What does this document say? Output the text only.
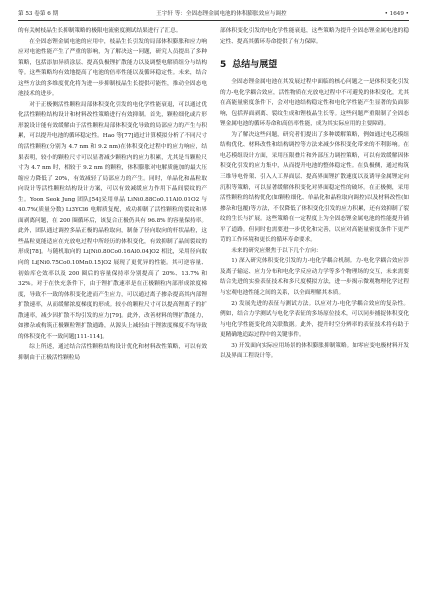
第 53 卷第 6 期	王宇轩 等：全固态锂金属电池的体积膨胀效应与调控	• 1649 •

的有关树枝晶生长抑制策略的极限电流密度测试结果进行了汇总。

在全固态锂金属电池的应用中，枝晶生长引发的局部体积膨胀和应力响应对电池性能产生了严重的影响，为了解决这一问题，研究人员提出了多种策略，包括添加异质涂层、提高负极锂扩散能力以及调整电解质组分与结构等。这些策略均有效地提高了电池的倍率性能以及循环稳定性。未来，结合这些方法的多维度优化将为进一步抑制枝晶生长提供可能性，推动全固态电池技术的进步。

对于正极侧活性颗粒局部体积变化引发的电化学性能衰退，可以通过优化活性颗粒结构设计和材料改性策略进行有效抑制。首先，颗粒细化或片形形貌设计能有效缓解由于活性颗粒局部体积变化导致的局部应力的产生与积累，可以提升电池的循环稳定性。Hao 等[77]通过计算模拟分析了不同尺寸的活性颗粒(分别为 4.7 nm 和 9.2 nm)在体积变化过程中的应力响应，结果表明，较小的颗粒尺寸可以显著减少颗粒内的应力积累，尤其是当颗粒尺寸为 4.7 nm 时，相较于 9.2 nm 的颗粒，体积膨胀对电解质施加的最大压缩应力降低了 20%，有效减轻了局部应力的产生。同时，单晶化和晶粒取向设计等活性颗粒结构设计方案，可以有效减缓应力作用下晶间裂纹的产生。Yoon Seok Jung 团队[54]采用单晶 LiNi0.88Co0.11Al0.01O2 与 40.7%(质量分数) Li3YCl6 电解质复配，成功抑制了活性颗粒的裂纹和界面剥离问题，在 200 圈循环后，该复合正极仍具有 96.8% 的容量保持率。此外，团队通过调控多晶正极的晶粒取向，制备了径向取向的杆状晶粒，这些晶粒更能适应在充放电过程中所经历的体积变化，有效抑制了晶间裂纹的形成[78]。与随机取向的 Li[Ni0.80Co0.16Al0.04]O2 相比，采用径向取向的 Li[Ni0.75Co0.10Mn0.15]O2 展现了更优异的性能。其可逆容量、初始库仑效率以及 200 圈后的容量保持率分别提高了 20%、13.7% 和 32%。对于在快充条件下，由于锂扩散速率是在正极颗粒内部形成浓度梯度，导致不一致的体积变化进而产生应力，可以通过离子掺杂提高其内部锂扩散速率，从而缓解浓度梯度的形成。较小的颗粒尺寸可以提高锂离子的扩散速率，减少因扩散不均引发的应力[79]。此外，改善材料的锂扩散能力，如掺杂或构筑正极颗粒锂扩散通路，从源头上减轻由于锂浓度梯度不均导致的体积变化不一致问题[111-114]。

综上所述，通过结合活性颗粒结构设计优化和材料改性策略，可以有效抑制由于正极活性颗粒局

部体积变化引发的电化学性能衰退，这些策略为提升全固态锂金属电池的稳定性、提高其循环寿命提供了有力保障。

5 总结与展望

全固态锂金属电池在其发展过程中面临的核心问题之一是体积变化引发的力-电化学耦合效应，活性物质在充放电过程中不可避免的体积变化，尤其在高能量密度条件下，会对电池结构稳定性和电化学性能产生显著的负面影响，包括界面剥离、裂纹生成和锂枝晶生长等。这些问题严重限制了全固态锂金属电池的循环寿命和高倍率性能，成为其实际应用的主要障碍。

为了解决这些问题，研究者们提出了多种缓解策略，例如通过电芯模组结构优化、材料改性和结构调控等方法来减少体积变化带来的不利影响。在电芯模组设计方面，采用压限叠片和外部压力调控策略，可以有效缓解因体积变化引发的应力集中，从而提升电池的整体稳定性。在负极侧，通过构筑三维导电骨架、引入人工界面层、提高界面锂扩散速度以及诱导金属锂定向沉积等策略，可以显著缓解体积变化对界面稳定性的破坏。在正极侧，采用活性颗粒的结构优化(如颗粒细化、单晶化和晶粒取向调控)以及材料改性(如掺杂和包覆)等方法，不仅降低了体积变化引发的应力积累，还有效抑制了裂纹的生长与扩展。这些策略在一定程度上为全固态锂金属电池的性能提升铺平了道路。但同时也需要进一步优化和完善，以应对高能量密度条件下更严苛的工作环境和更长的循环寿命要求。

未来的研究应聚焦于以下几个方向：

1) 深入研究体积变化引发的力-电化学耦合机制。力-电化学耦合效应涉及离子输运、应力分布和电化学反应动力学等多个物理场的交互，未来需要结合先进的实验表征技术和多尺度模拟方法，进一步揭示微观物理化学过程与宏观电池性能之间的关系，以全面理解其本质。

2) 发展先进的表征与测试方法。以应对力-电化学耦合效应的复杂性。例如，结合力学测试与电化学表征的多场原位技术，可以同步捕捉体积变化与电化学性能变化的关联数据。此外，提升时空分辨率的表征技术将有助于更精确地追踪过程中的关键事件。

3) 开发面向实际应用场景的体积膨胀抑制策略。如零应变电极材料开发以及界面工程设计等。
